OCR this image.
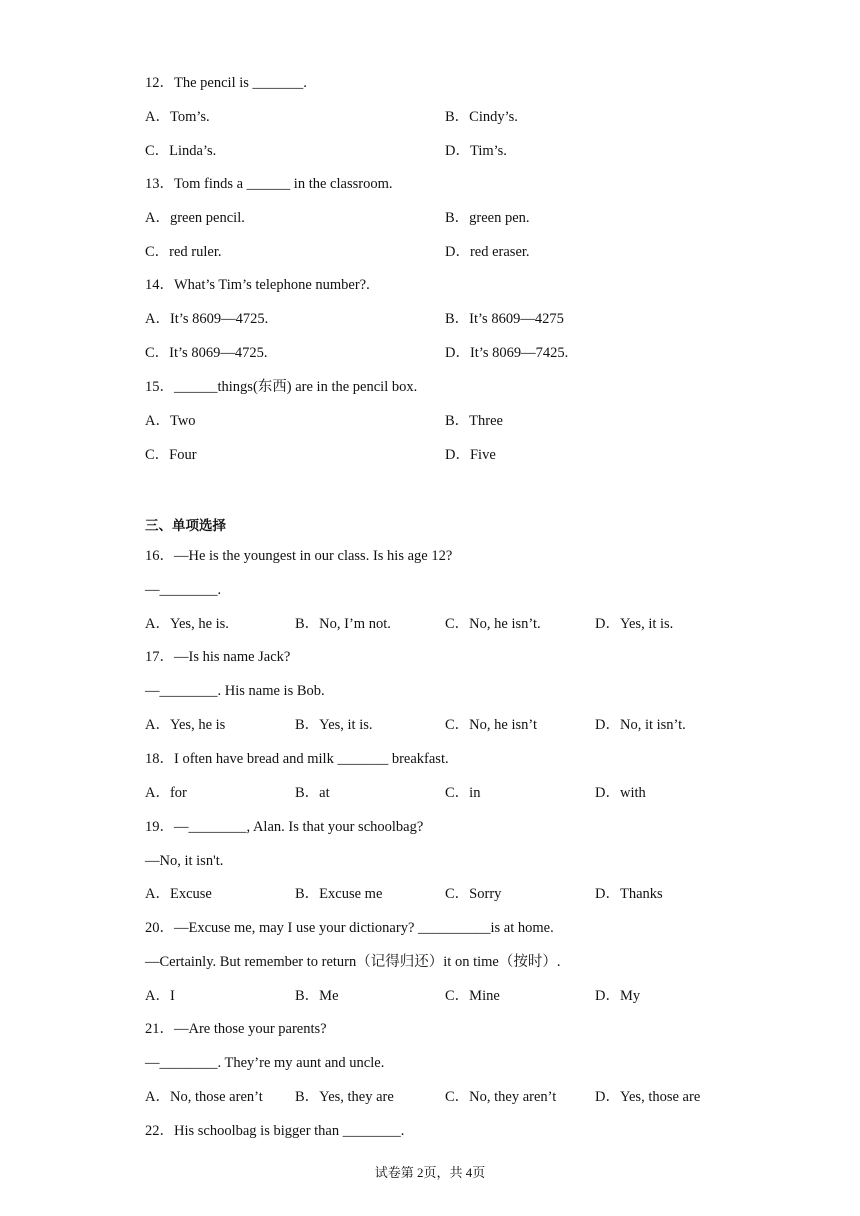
12．The pencil is _______.
A．Tom’s.	B．Cindy’s.
C．Linda’s.	D．Tim’s.
13．Tom finds a ______ in the classroom.
A．green pencil.	B．green pen.
C．red ruler.	D．red eraser.
14．What’s Tim’s telephone number?.
A．It’s 8609—4725.	B．It’s 8609—4275
C．It’s 8069—4725.	D．It’s 8069—7425.
15．______things(东西) are in the pencil box.
A．Two	B．Three
C．Four	D．Five
三、单项选择
16．—He is the youngest in our class. Is his age 12?
—________.
A．Yes, he is.	B．No, I’m not.	C．No, he isn’t.	D．Yes, it is.
17．—Is his name Jack?
—________. His name is Bob.
A．Yes, he is	B．Yes, it is.	C．No, he isn’t	D．No, it isn’t.
18．I often have bread and milk _______ breakfast.
A．for	B．at	C．in	D．with
19．—________, Alan. Is that your schoolbag?
—No, it isn't.
A．Excuse	B．Excuse me	C．Sorry	D．Thanks
20．—Excuse me, may I use your dictionary? __________is at home.
—Certainly. But remember to return（记得归还）it on time（按时）.
A．I	B．Me	C．Mine	D．My
21．—Are those your parents?
—________. They’re my aunt and uncle.
A．No, those aren’t B．Yes, they are	C．No, they aren’t	D．Yes, those are
22．His schoolbag is bigger than ________.
试卷第 2页，共 4页
